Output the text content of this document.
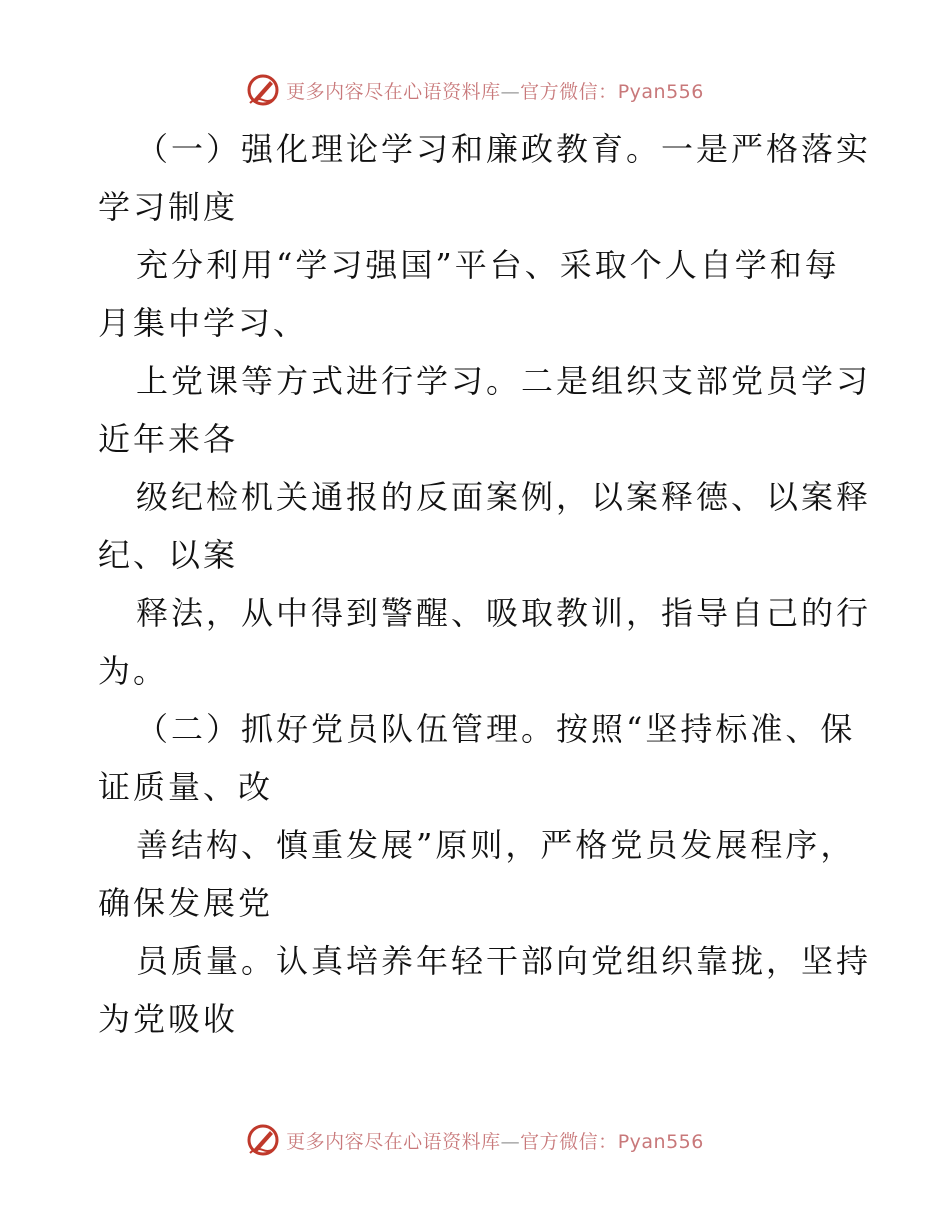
更多内容尽在心语资料库—官方微信：Pyan556
（一）强化理论学习和廉政教育。一是严格落实
学习制度
充分利用“学习强国”平台、采取个人自学和每
月集中学习、
上党课等方式进行学习。二是组织支部党员学习
近年来各
级纪检机关通报的反面案例，以案释德、以案释
纪、以案
释法，从中得到警醒、吸取教训，指导自己的行
为。
（二）抓好党员队伍管理。按照“坚持标准、保
证质量、改
善结构、慎重发展”原则，严格党员发展程序，
确保发展党
员质量。认真培养年轻干部向党组织靠拢，坚持
为党吸收
更多内容尽在心语资料库—官方微信：Pyan556
